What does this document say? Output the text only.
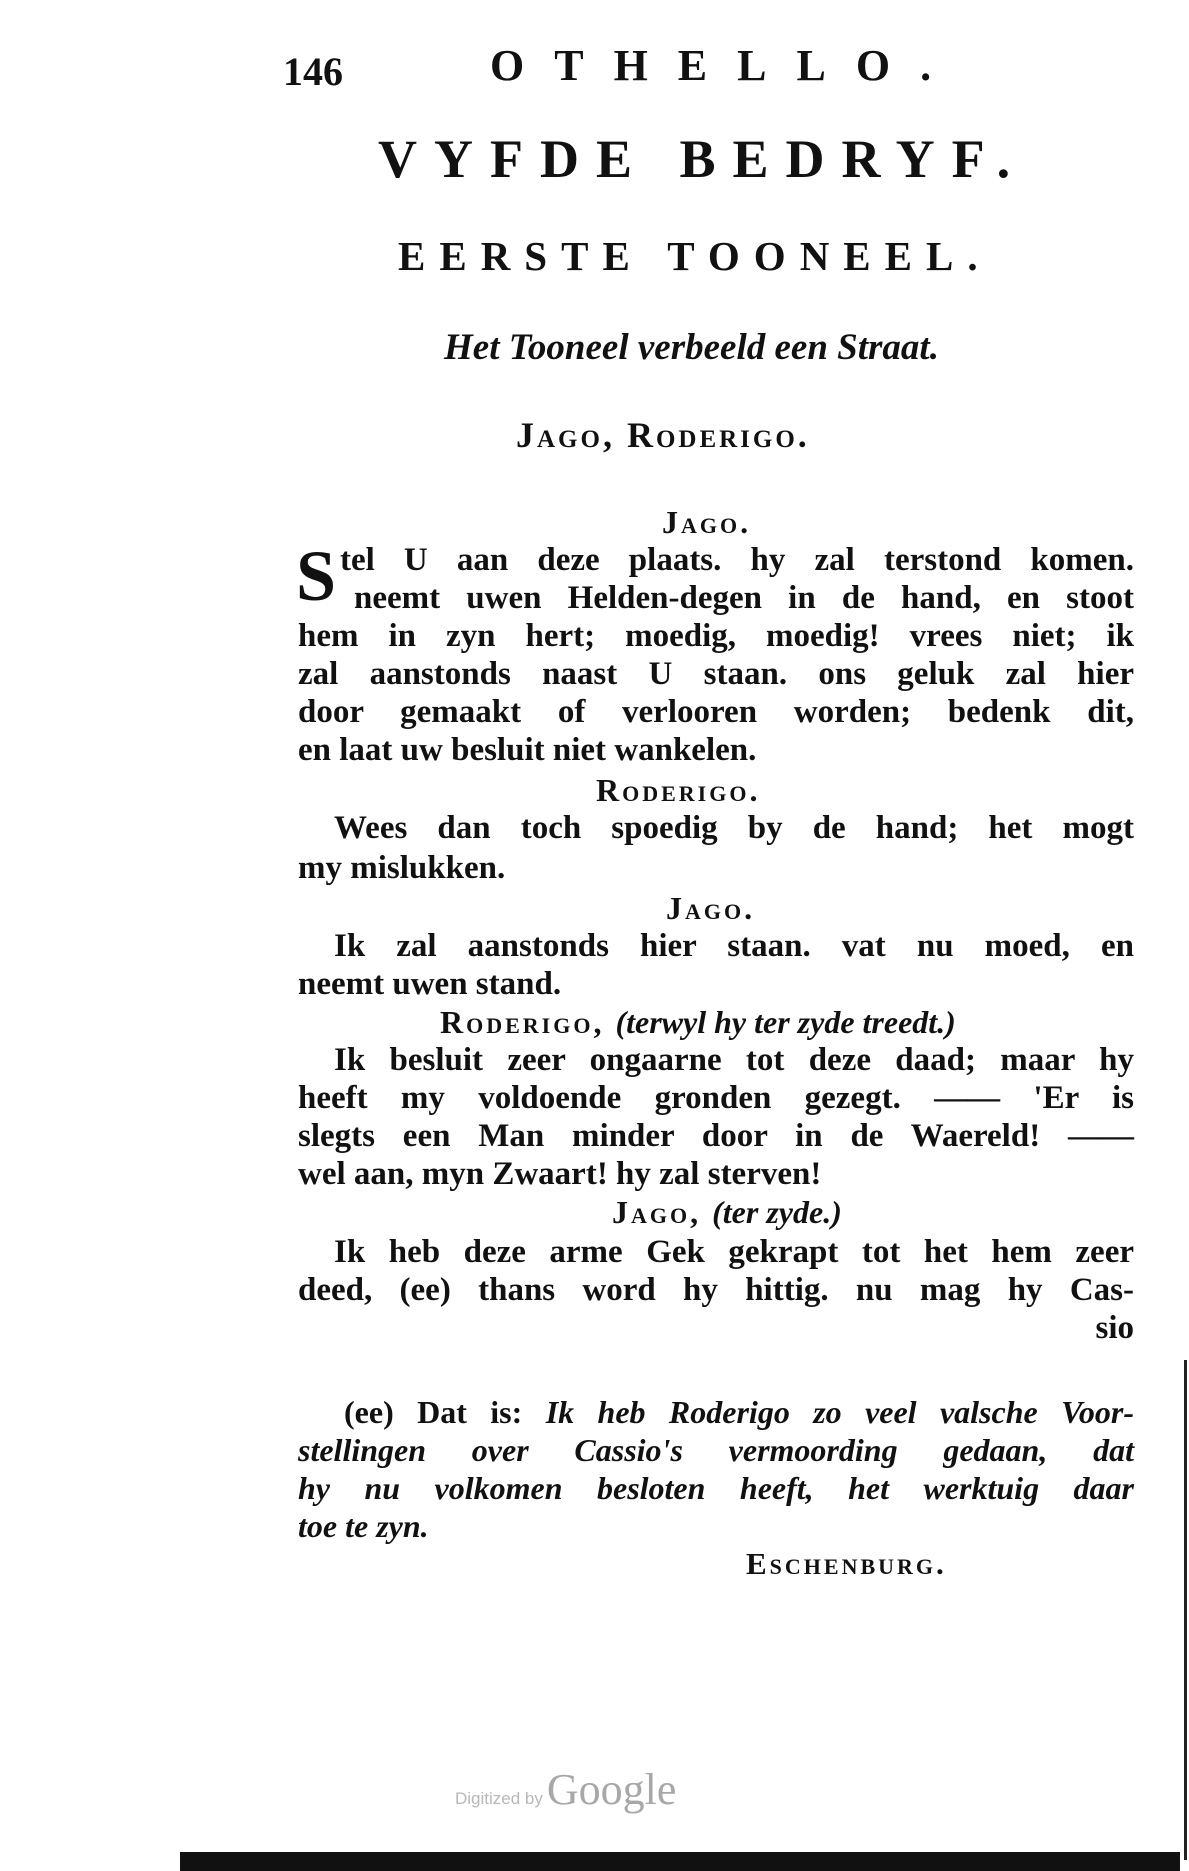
146	OTHELLO.
VYFDE BEDRYF.
EERSTE TOONEEL.
Het Tooneel verbeeld een Straat.
Jago, Roderigo.
Jago.
S tel U aan deze plaats. hy zal terstond komen.
neemt uwen Helden-degen in de hand, en stoot
hem in zyn hert; moedig, moedig! vrees niet; ik
zal aanstonds naast U staan. ons geluk zal hier
door gemaakt of verlooren worden; bedenk dit,
en laat uw besluit niet wankelen.
Roderigo.
Wees dan toch spoedig by de hand; het mogt
my mislukken.
Jago.
Ik zal aanstonds hier staan. vat nu moed, en
neemt uwen stand.
Roderigo, (terwyl hy ter zyde treedt.)
Ik besluit zeer ongaarne tot deze daad; maar hy
heeft my voldoende gronden gezegt. —— 'Er is
slegts een Man minder door in de Waereld! ——
wel aan, myn Zwaart! hy zal sterven!
Jago, (ter zyde.)
Ik heb deze arme Gek gekrapt tot het hem zeer
deed, (ee) thans word hy hittig. nu mag hy Cas-
sio
(ee) Dat is: Ik heb Roderigo zo veel valsche Voor-
stellingen over Cassio's vermoording gedaan, dat
hy nu volkomen besloten heeft, het werktuig daar
toe te zyn.
Eschenburg.
Digitized by Google
